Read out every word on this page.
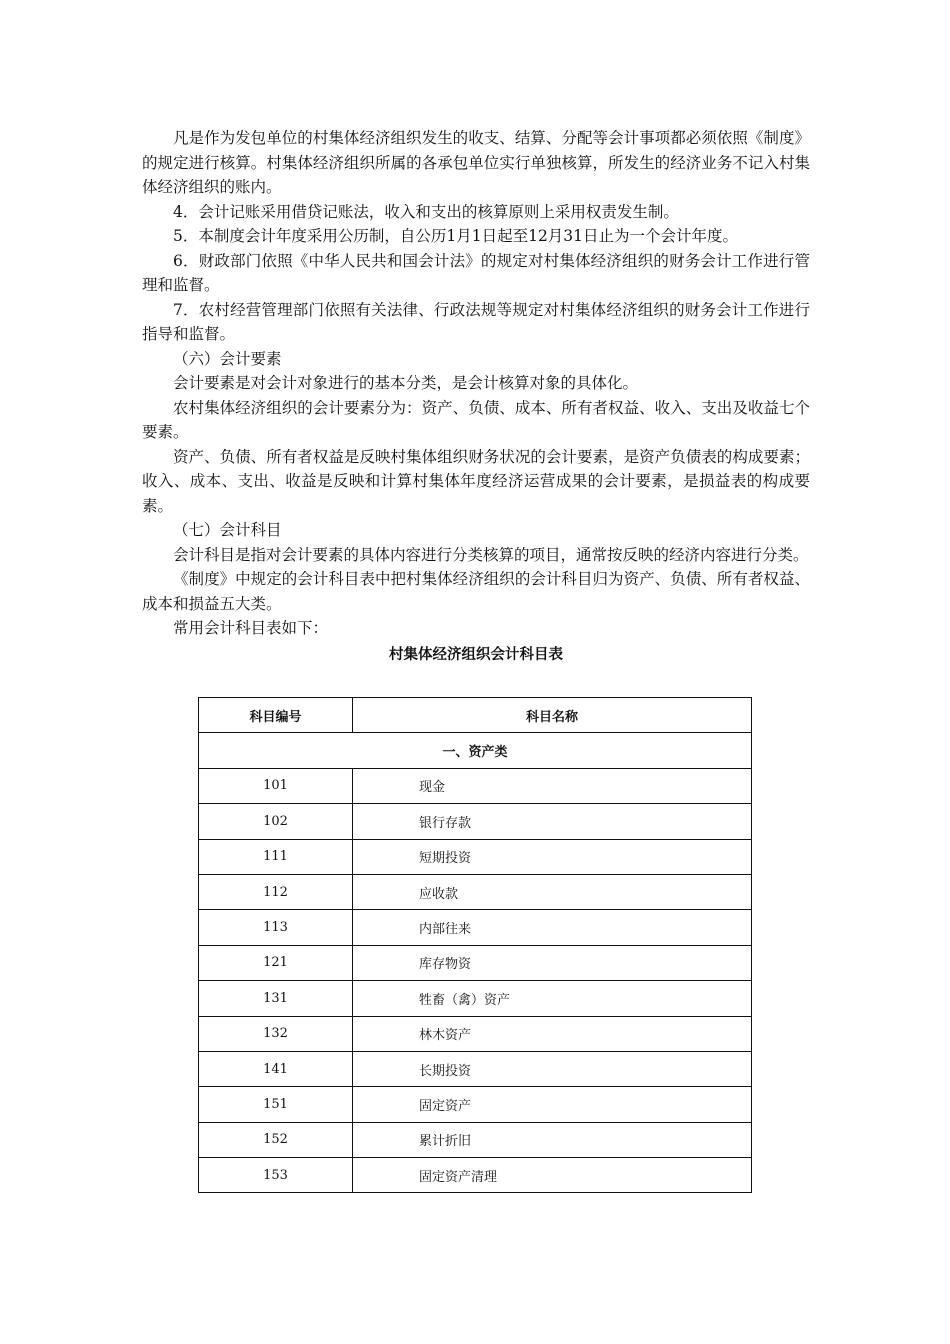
凡是作为发包单位的村集体经济组织发生的收支、结算、分配等会计事项都必须依照《制度》的规定进行核算。村集体经济组织所属的各承包单位实行单独核算，所发生的经济业务不记入村集体经济组织的账内。

4．会计记账采用借贷记账法，收入和支出的核算原则上采用权责发生制。

5．本制度会计年度采用公历制，自公历1月1日起至12月31日止为一个会计年度。

6．财政部门依照《中华人民共和国会计法》的规定对村集体经济组织的财务会计工作进行管理和监督。

7．农村经营管理部门依照有关法律、行政法规等规定对村集体经济组织的财务会计工作进行指导和监督。

（六）会计要素

会计要素是对会计对象进行的基本分类，是会计核算对象的具体化。

农村集体经济组织的会计要素分为：资产、负债、成本、所有者权益、收入、支出及收益七个要素。

资产、负债、所有者权益是反映村集体组织财务状况的会计要素，是资产负债表的构成要素；收入、成本、支出、收益是反映和计算村集体年度经济运营成果的会计要素，是损益表的构成要素。

（七）会计科目

会计科目是指对会计要素的具体内容进行分类核算的项目，通常按反映的经济内容进行分类。

《制度》中规定的会计科目表中把村集体经济组织的会计科目归为资产、负债、所有者权益、成本和损益五大类。

常用会计科目表如下：

村集体经济组织会计科目表
科目编号	科目名称
一、资产类	
101	现金
102	银行存款
111	短期投资
112	应收款
113	内部往来
121	库存物资
131	牲畜（禽）资产
132	林木资产
141	长期投资
151	固定资产
152	累计折旧
153	固定资产清理
